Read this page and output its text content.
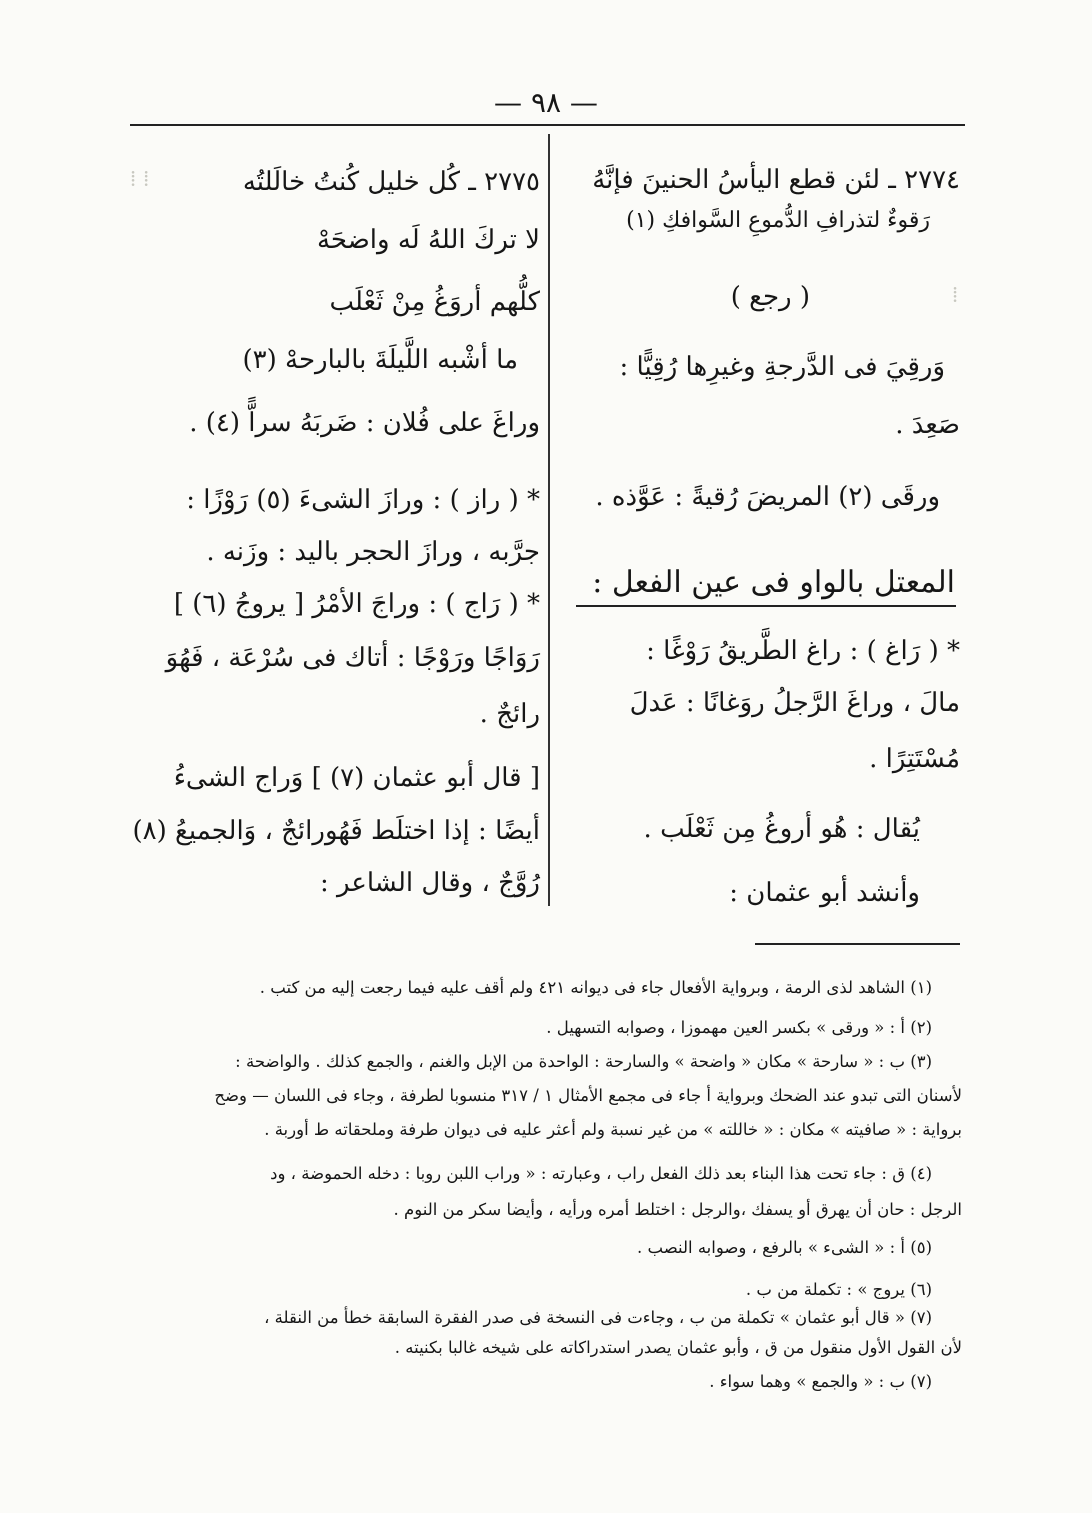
— ٩٨ —
⁞ ⁞
⁞
٢٧٧٤ ـ لئن قطع اليأسُ الحنينَ فإنَّهُ
رَقوءٌ لتذرافِ الدُّموعِ السَّوافكِ (١)
( رجع )
وَرقِيَ فى الدَّرجةِ وغيرِها رُقِيًّا :
صَعِدَ .
ورقَى (٢) المريضَ رُقيةً : عَوَّذه .
المعتل بالواو فى عين الفعل :
* ( رَاغ ) : راغ الطَّريقُ رَوْغًا :
مالَ ، وراغَ الرَّجلُ روَغانًا : عَدلَ
مُسْتَتِرًا .
يُقال : هُو أروغُ مِن ثَعْلَب .
وأنشد أبو عثمان :
٢٧٧٥ ـ كُل خليل كُنتُ خالَلتُه
لا تركَ اللهُ لَه واضحَهْ
كلُّهم أروَغُ مِنْ ثَعْلَب
ما أشْبه اللَّيلَةَ بالبارحهْ (٣)
وراغَ على فُلان : ضَربَهُ سراًّ (٤) .
* ( راز ) : ورازَ الشىءَ (٥) رَوْزًا :
جرَّبه ، ورازَ الحجر باليد : وزَنه .
* ( رَاج ) : وراجَ الأمْرُ [ يروجُ (٦) ]
رَوَاجًا ورَوْجًا : أتاك فى سُرْعَة ، فَهُوَ
رائجٌ .
[ قال أبو عثمان (٧) ] وَراج الشىءُ
أيضًا : إذا اختلَط فَهُورائجٌ ، وَالجميعُ (٨)
رُوَّجٌ ، وقال الشاعر :
(١) الشاهد لذى الرمة ، وبرواية الأفعال جاء فى ديوانه ٤٢١ ولم أقف عليه فيما رجعت إليه من كتب .
(٢) أ : « ورقى » بكسر العين مهموزا ، وصوابه التسهيل .
(٣) ب : « سارحة » مكان « واضحة » والسارحة : الواحدة من الإبل والغنم ، والجمع كذلك . والواضحة :
لأسنان التى تبدو عند الضحك وبرواية أ جاء فى مجمع الأمثال ١ / ٣١٧ منسوبا لطرفة ، وجاء فى اللسان — وضح
برواية : « صافيته » مكان : « خاللته » من غير نسبة ولم أعثر عليه فى ديوان طرفة وملحقاته ط أوربة .
(٤) ق : جاء تحت هذا البناء بعد ذلك الفعل راب ، وعبارته : « وراب اللبن روبا : دخله الحموضة ، ود
الرجل : حان أن يهرق أو يسفك ،والرجل : اختلط أمره ورأيه ، وأيضا سكر من النوم .
(٥) أ : « الشىء » بالرفع ، وصوابه النصب .
(٦) يروج » : تكملة من ب .
(٧) « قال أبو عثمان » تكملة من ب ، وجاءت فى النسخة فى صدر الفقرة السابقة خطأ من النقلة ،
لأن القول الأول منقول من ق ، وأبو عثمان يصدر استدراكاته على شيخه غالبا بكنيته .
(٧) ب : « والجمع » وهما سواء .
